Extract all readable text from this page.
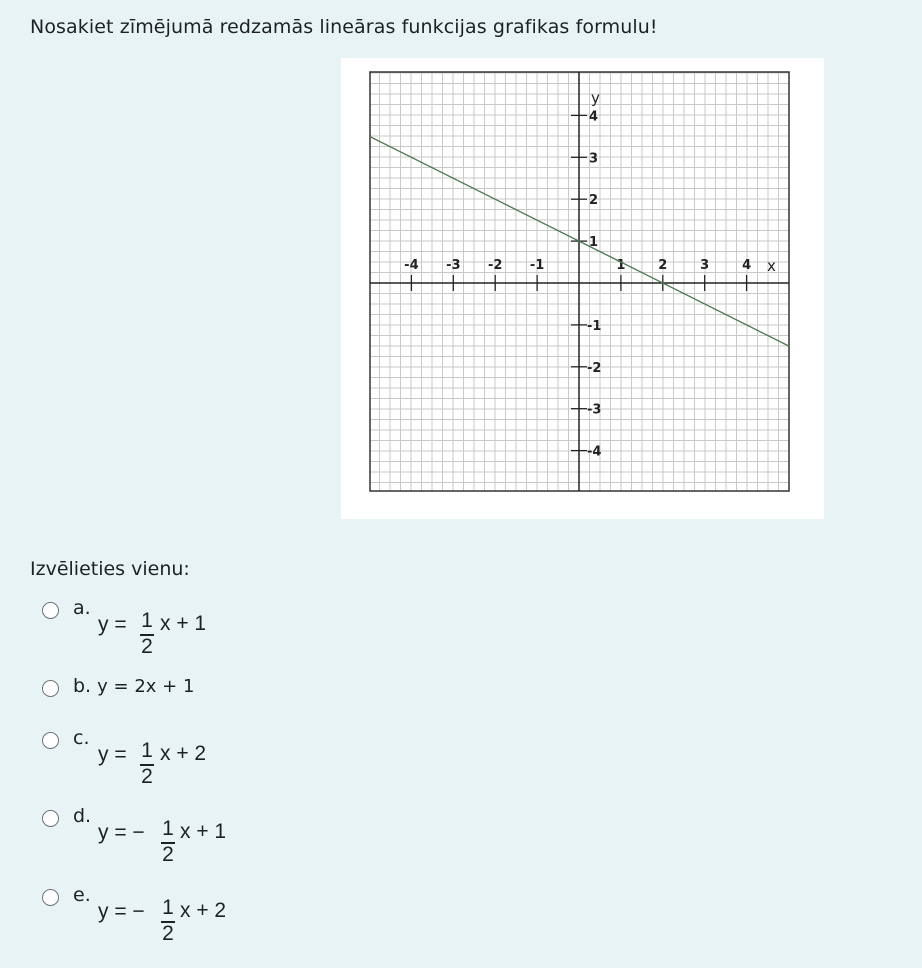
Nosakiet zīmējumā redzamās lineāras funkcijas grafikas formulu!
-4 -3 -2 -1	1	2	3	4
4
3
2
1
-1
-2
-3
-4
y
x
Izvēlieties vienu:
a.
y = 1
2
x + 1
b. y = 2x + 1
c.
y = 1
2
x + 2
d.
y = − 1
2
x + 1
e.
y = − 1
2
x + 2
